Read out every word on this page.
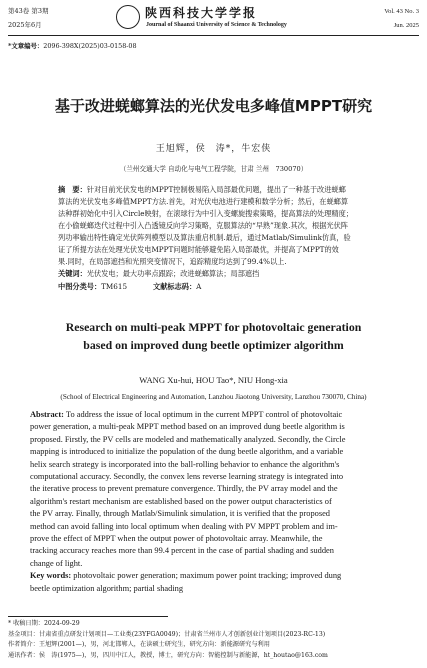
第43卷 第3期
2025年6月
陕西科技大学学报
Journal of Shaanxi University of Science & Technology
Vol. 43 No. 3
Jun. 2025
*文章编号：2096-398X(2025)03-0158-08
基于改进蜣螂算法的光伏发电多峰值MPPT研究
王旭辉，侯　涛*，牛宏侠
（兰州交通大学 自动化与电气工程学院，甘肃 兰州　730070）
摘　要：针对目前光伏发电的MPPT控制极易陷入局部最优问题，提出了一种基于改进蜣螂
算法的光伏发电多峰值MPPT方法.首先，对光伏电池进行建模和数学分析；然后，在蜣螂算
法种群初始化中引入Circle映射，在滚球行为中引入变螺旋搜索策略，提高算法的处理精度；
在小偷蜣螂迭代过程中引入凸透镜反向学习策略，克服算法的“早熟”现象.其次，根据光伏阵
列功率输出特性确定光伏阵列模型以及算法重启机制.最后，通过Matlab/Simulink仿真，验
证了所提方法在处理光伏发电MPPT问题时能够避免陷入局部最优，并提高了MPPT的效
果.同时，在局部遮挡和光照突变情况下，追踪精度均达到了99.4%以上.
关键词：光伏发电；最大功率点跟踪；改进蜣螂算法；局部遮挡
中图分类号：TM615	文献标志码：A
Research on multi-peak MPPT for photovoltaic generation
based on improved dung beetle optimizer algorithm
WANG Xu-hui, HOU Tao*, NIU Hong-xia
(School of Electrical Engineering and Automation, Lanzhou Jiaotong University, Lanzhou 730070, China)
Abstract: To address the issue of local optimum in the current MPPT control of photovoltaic
power generation, a multi-peak MPPT method based on an improved dung beetle algorithm is
proposed. Firstly, the PV cells are modeled and mathematically analyzed. Secondly, the Circle
mapping is introduced to initialize the population of the dung beetle algorithm, and a variable
helix search strategy is incorporated into the ball-rolling behavior to enhance the algorithm's
computational accuracy. Secondly, the convex lens reverse learning strategy is integrated into
the iterative process to prevent premature convergence. Thirdly, the PV array model and the
algorithm's restart mechanism are established based on the power output characteristics of
the PV array. Finally, through Matlab/Simulink simulation, it is verified that the proposed
method can avoid falling into local optimum when dealing with PV MPPT problem and im-
prove the effect of MPPT when the output power of photovoltaic array. Meanwhile, the
tracking accuracy reaches more than 99.4 percent in the case of partial shading and sudden
change of light.
Key words: photovoltaic power generation; maximum power point tracking; improved dung
beetle optimization algorithm; partial shading
* 收稿日期：2024-09-29
基金项目：甘肃省重点研发计划项目—工业类(23YFGA0049)；甘肃省兰州市人才创新创业计划项目(2023-RC-13)
作者简介：王旭辉(2001—)，男，河北邯郸人，在读硕士研究生，研究方向：新能源研究与利用
通讯作者：侯　涛(1975—)，男，四川中江人，教授，博士，研究方向：智能控制与新能源，ht_houtao@163.com
